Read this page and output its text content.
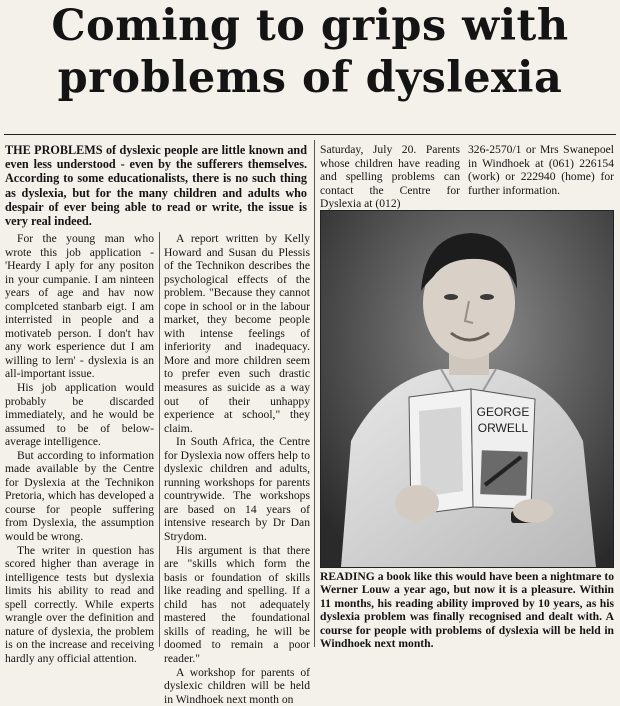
Coming to grips with
problems of dyslexia
THE PROBLEMS of dyslexic people are little known and even less understood - even by the sufferers themselves. According to some educationalists, there is no such thing as dyslexia, but for the many children and adults who despair of ever being able to read or write, the issue is very real indeed.

For the young man who wrote this job application - 'Heardy I aply for any positon in your cumpanie. I am ninteen years of age and hav now complceted stanbarb eigt. I am interristed in people and a motivateb person. I don't hav any work esperience dut I am willing to lern' - dyslexia is an all-important issue.

His job application would probably be discarded immediately, and he would be assumed to be of below-average intelligence.

But according to information made available by the Centre for Dyslexia at the Technikon Pretoria, which has developed a course for people suffering from Dyslexia, the assumption would be wrong.

The writer in question has scored higher than average in intelligence tests but dyslexia limits his ability to read and spell correctly. While experts wrangle over the definition and nature of dyslexia, the problem is on the increase and receiving hardly any official attention.

A report written by Kelly Howard and Susan du Plessis of the Technikon describes the psychological effects of the problem. "Because they cannot cope in school or in the labour market, they become people with intense feelings of inferiority and inadequacy. More and more children seem to prefer even such drastic measures as suicide as a way out of their unhappy experience at school," they claim.

In South Africa, the Centre for Dyslexia now offers help to dyslexic children and adults, running workshops for parents countrywide. The workshops are based on 14 years of intensive research by Dr Dan Strydom.

His argument is that there are "skills which form the basis or foundation of skills like reading and spelling. If a child has not adequately mastered the foundational skills of reading, he will be doomed to remain a poor reader."

A workshop for parents of dyslexic children will be held in Windhoek next month on

Saturday, July 20. Parents whose children have reading and spelling problems can contact the Centre for Dyslexia at (012)

326-2570/1 or Mrs Swanepoel in Windhoek at (061) 226154 (work) or 222940 (home) for further information.

GEORGE
ORWELL
READING a book like this would have been a nightmare to Werner Louw a year ago, but now it is a pleasure. Within 11 months, his reading ability improved by 10 years, as his dyslexia problem was finally recognised and dealt with. A course for people with problems of dyslexia will be held in Windhoek next month.
